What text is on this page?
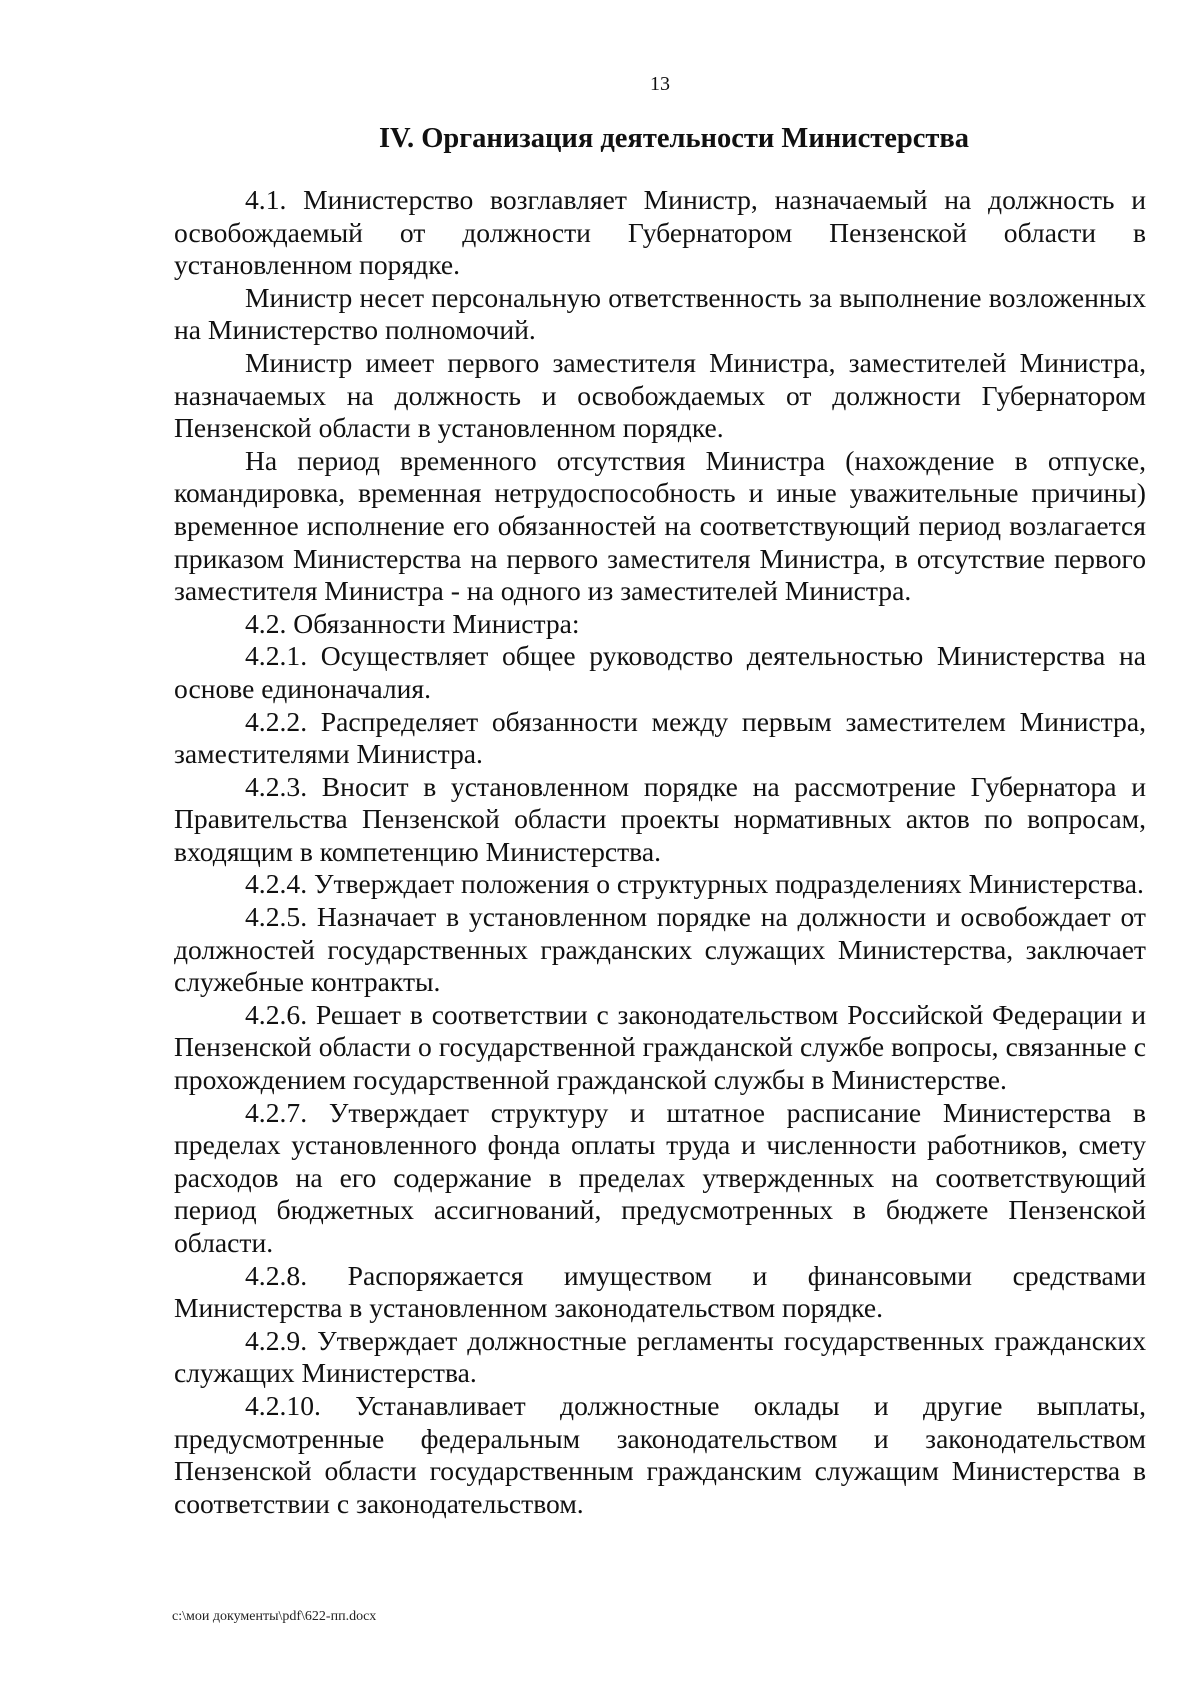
13
IV. Организация деятельности Министерства

4.1. Министерство возглавляет Министр, назначаемый на должность и освобождаемый от должности Губернатором Пензенской области в установленном порядке.

Министр несет персональную ответственность за выполнение возложенных на Министерство полномочий.

Министр имеет первого заместителя Министра, заместителей Министра, назначаемых на должность и освобождаемых от должности Губернатором Пензенской области в установленном порядке.

На период временного отсутствия Министра (нахождение в отпуске, командировка, временная нетрудоспособность и иные уважительные причины) временное исполнение его обязанностей на соответствующий период возлагается приказом Министерства на первого заместителя Министра, в отсутствие первого заместителя Министра - на одного из заместителей Министра.

4.2. Обязанности Министра:

4.2.1. Осуществляет общее руководство деятельностью Министерства на основе единоначалия.

4.2.2. Распределяет обязанности между первым заместителем Министра, заместителями Министра.

4.2.3. Вносит в установленном порядке на рассмотрение Губернатора и Правительства Пензенской области проекты нормативных актов по вопросам, входящим в компетенцию Министерства.

4.2.4. Утверждает положения о структурных подразделениях Министерства.

4.2.5. Назначает в установленном порядке на должности и освобождает от должностей государственных гражданских служащих Министерства, заключает служебные контракты.

4.2.6. Решает в соответствии с законодательством Российской Федерации и Пензенской области о государственной гражданской службе вопросы, связанные с прохождением государственной гражданской службы в Министерстве.

4.2.7. Утверждает структуру и штатное расписание Министерства в пределах установленного фонда оплаты труда и численности работников, смету расходов на его содержание в пределах утвержденных на соответствующий период бюджетных ассигнований, предусмотренных в бюджете Пензенской области.

4.2.8. Распоряжается имуществом и финансовыми средствами Министерства в установленном законодательством порядке.

4.2.9. Утверждает должностные регламенты государственных гражданских служащих Министерства.

4.2.10. Устанавливает должностные оклады и другие выплаты, предусмотренные федеральным законодательством и законодательством Пензенской области государственным гражданским служащим Министерства в соответствии с законодательством.

c:\мои документы\pdf\622-пп.docx
